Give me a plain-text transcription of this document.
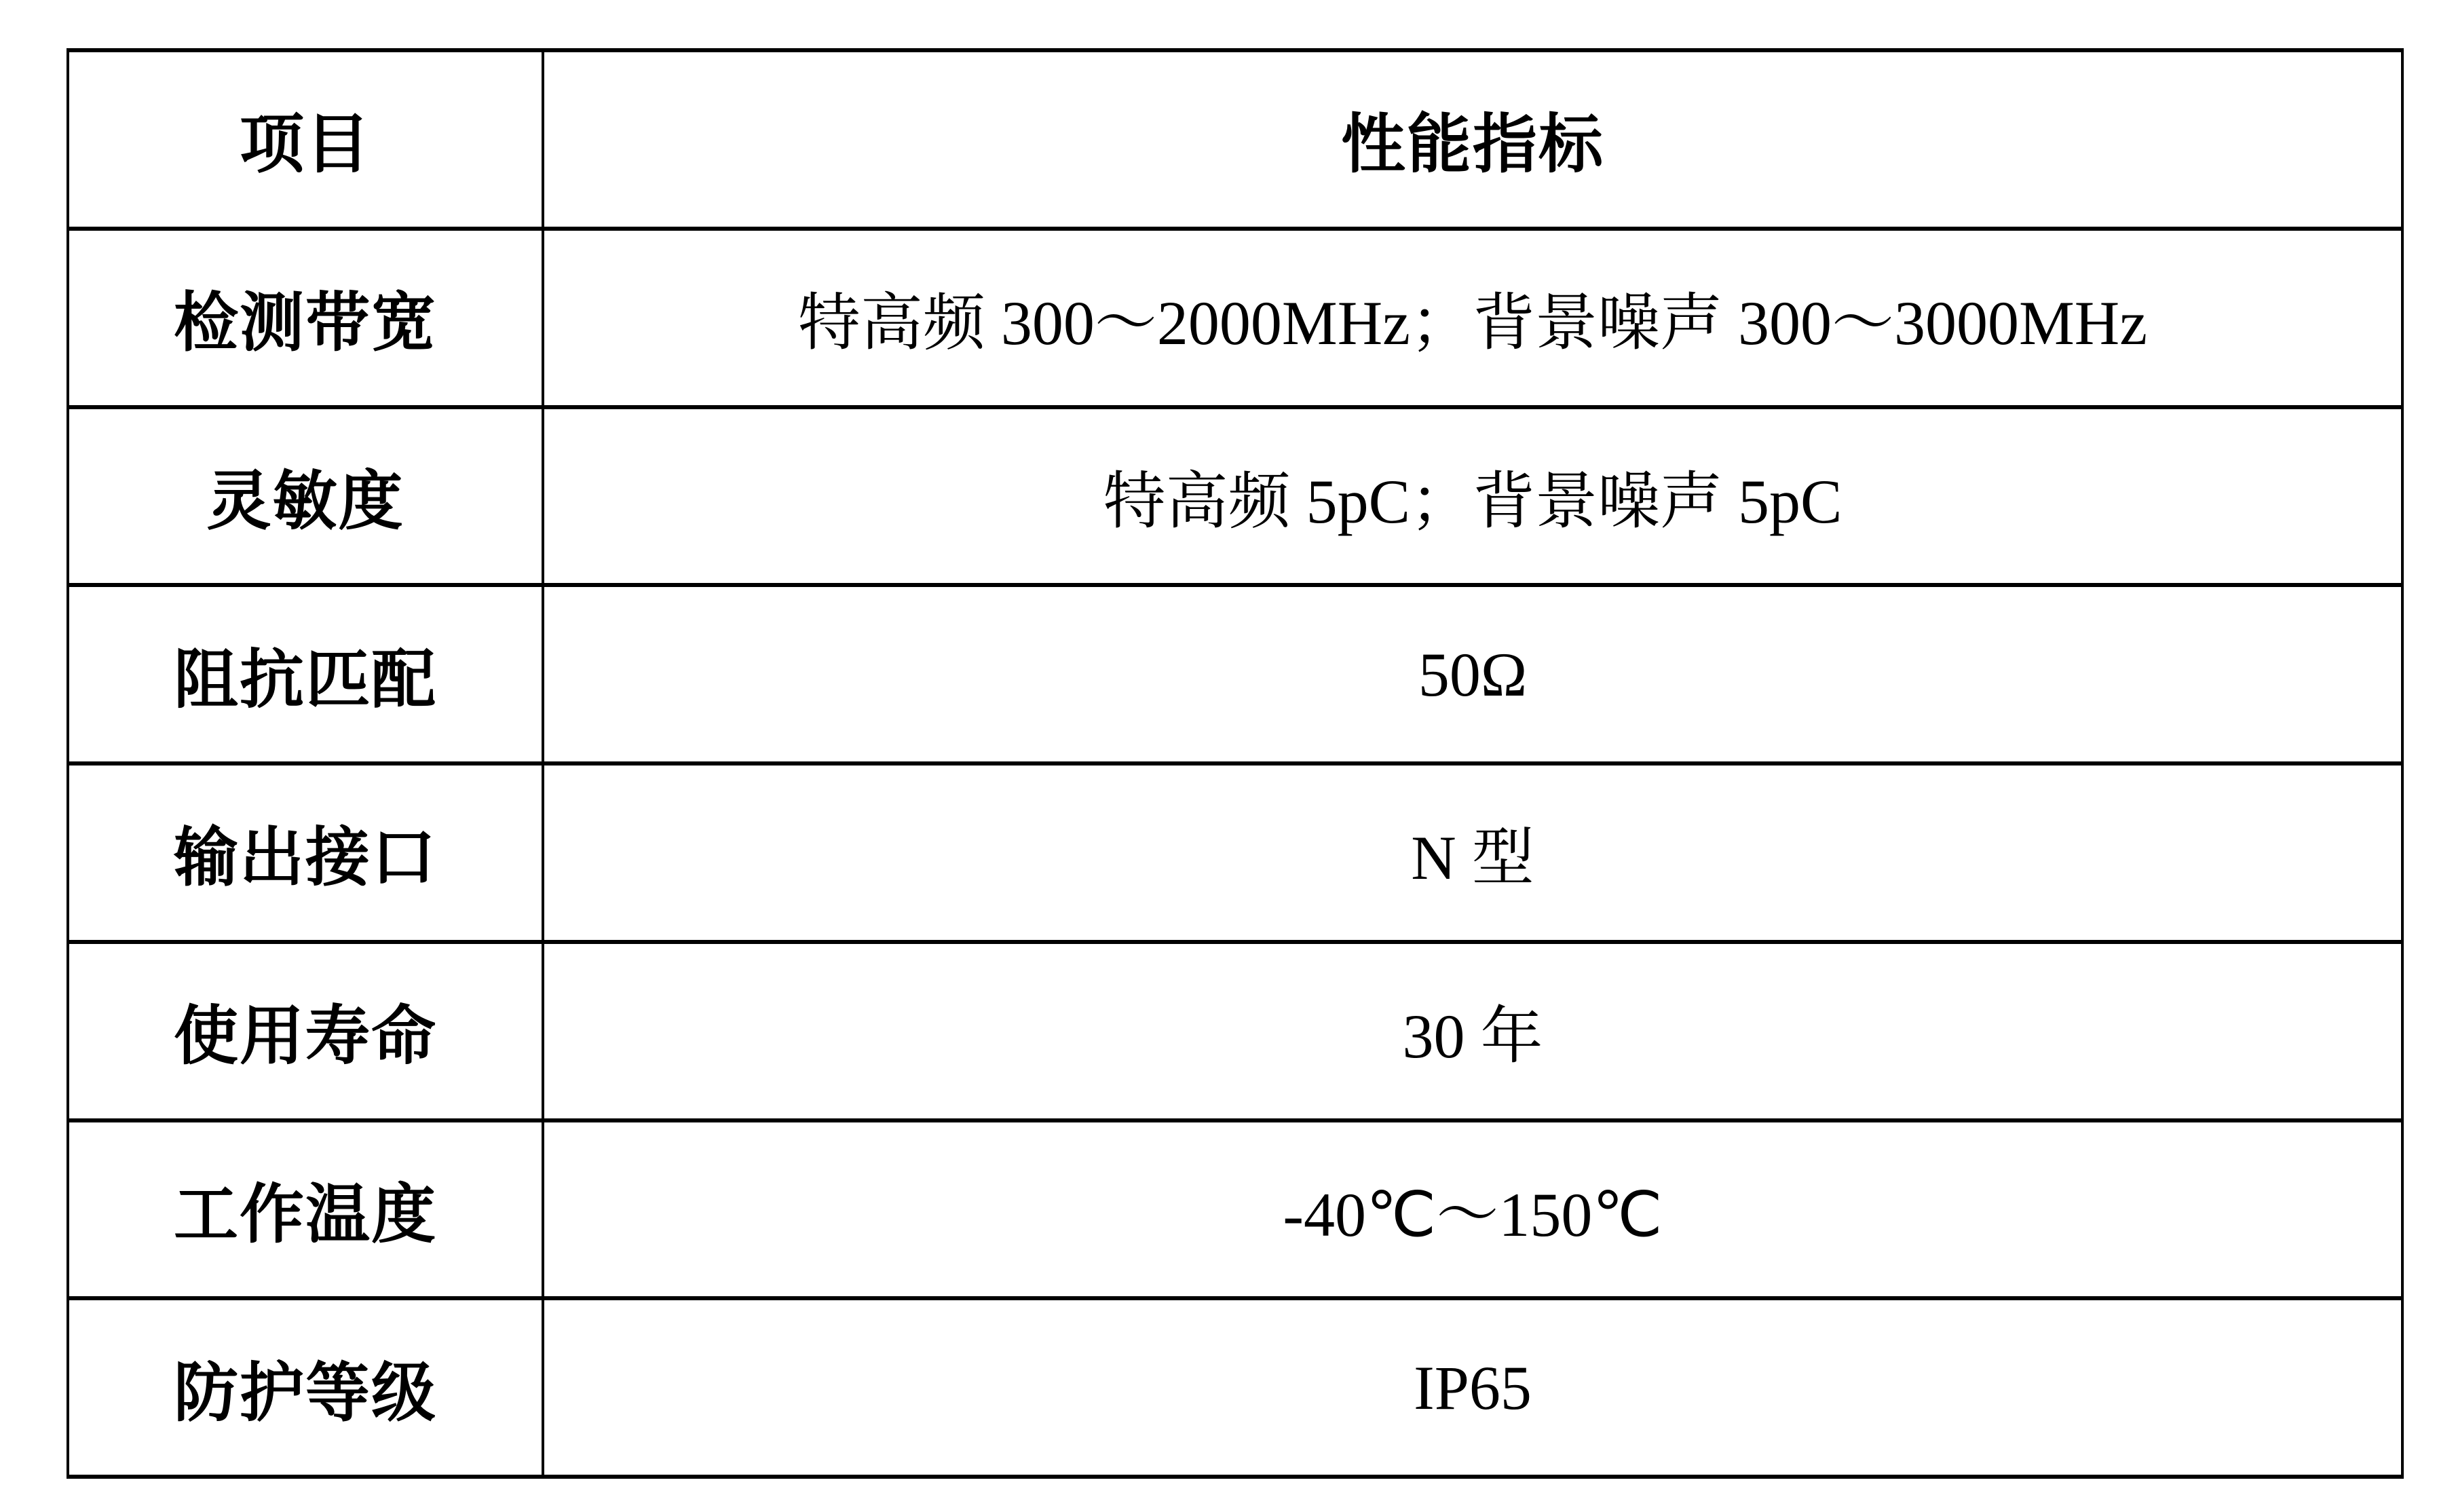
项目	性能指标
检测带宽	特高频 300～2000MHz；背景噪声 300～3000MHz
灵敏度	特高频 5pC；背景噪声 5pC
阻抗匹配	50Ω
输出接口	N 型
使用寿命	30 年
工作温度	-40℃～150℃
防护等级	IP65
